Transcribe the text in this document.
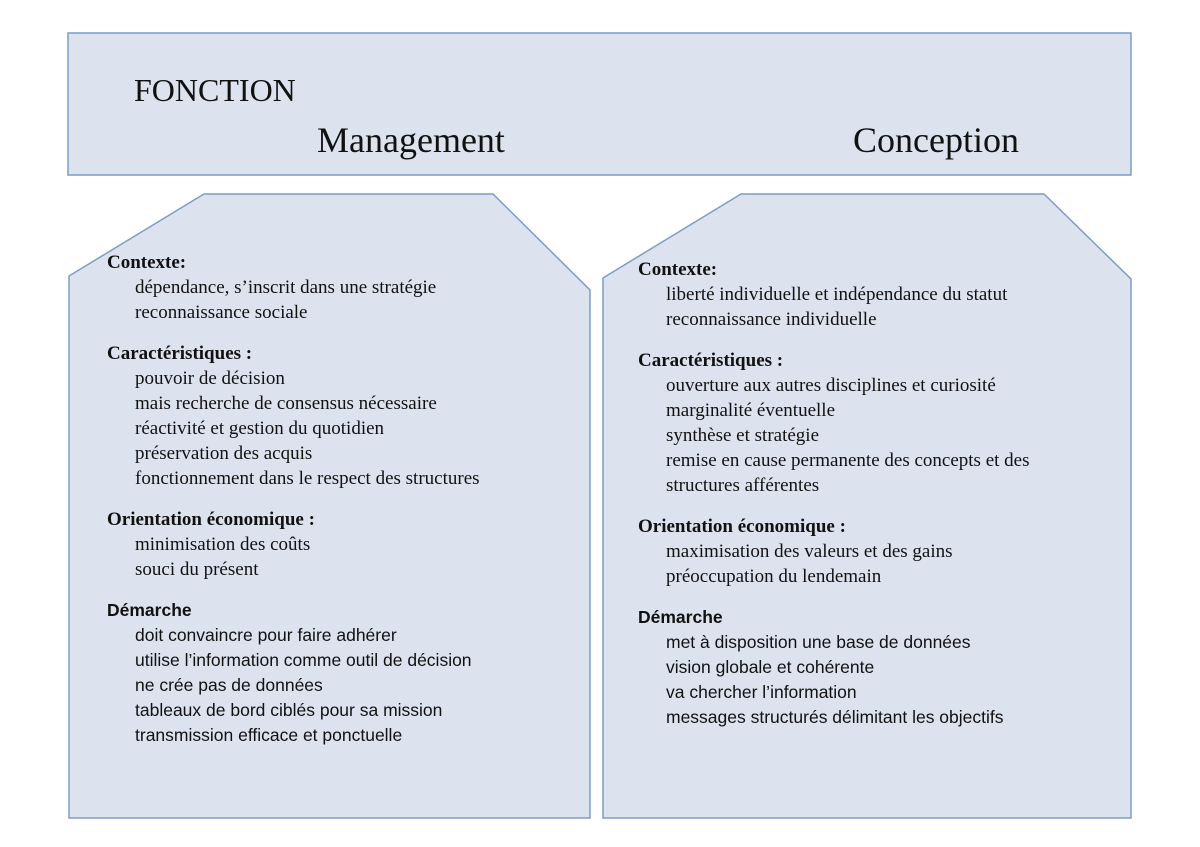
FONCTION
Management	Conception
Contexte:
dépendance, s’inscrit dans une stratégie
reconnaissance sociale
Caractéristiques :
pouvoir de décision
mais recherche de consensus nécessaire
réactivité et gestion du quotidien
préservation des acquis
fonctionnement dans le respect des structures
Orientation économique :
minimisation des coûts
souci du présent
Démarche
doit convaincre pour faire adhérer
utilise l’information comme outil de décision
ne crée pas de données
tableaux de bord ciblés pour sa mission
transmission efficace et ponctuelle
Contexte:
liberté individuelle et indépendance du statut
reconnaissance individuelle
Caractéristiques :
ouverture aux autres disciplines et curiosité
marginalité éventuelle
synthèse et stratégie
remise en cause permanente des concepts et des
structures afférentes
Orientation économique :
maximisation des valeurs et des gains
préoccupation du lendemain
Démarche
met à disposition une base de données
vision globale et cohérente
va chercher l’information
messages structurés délimitant les objectifs
